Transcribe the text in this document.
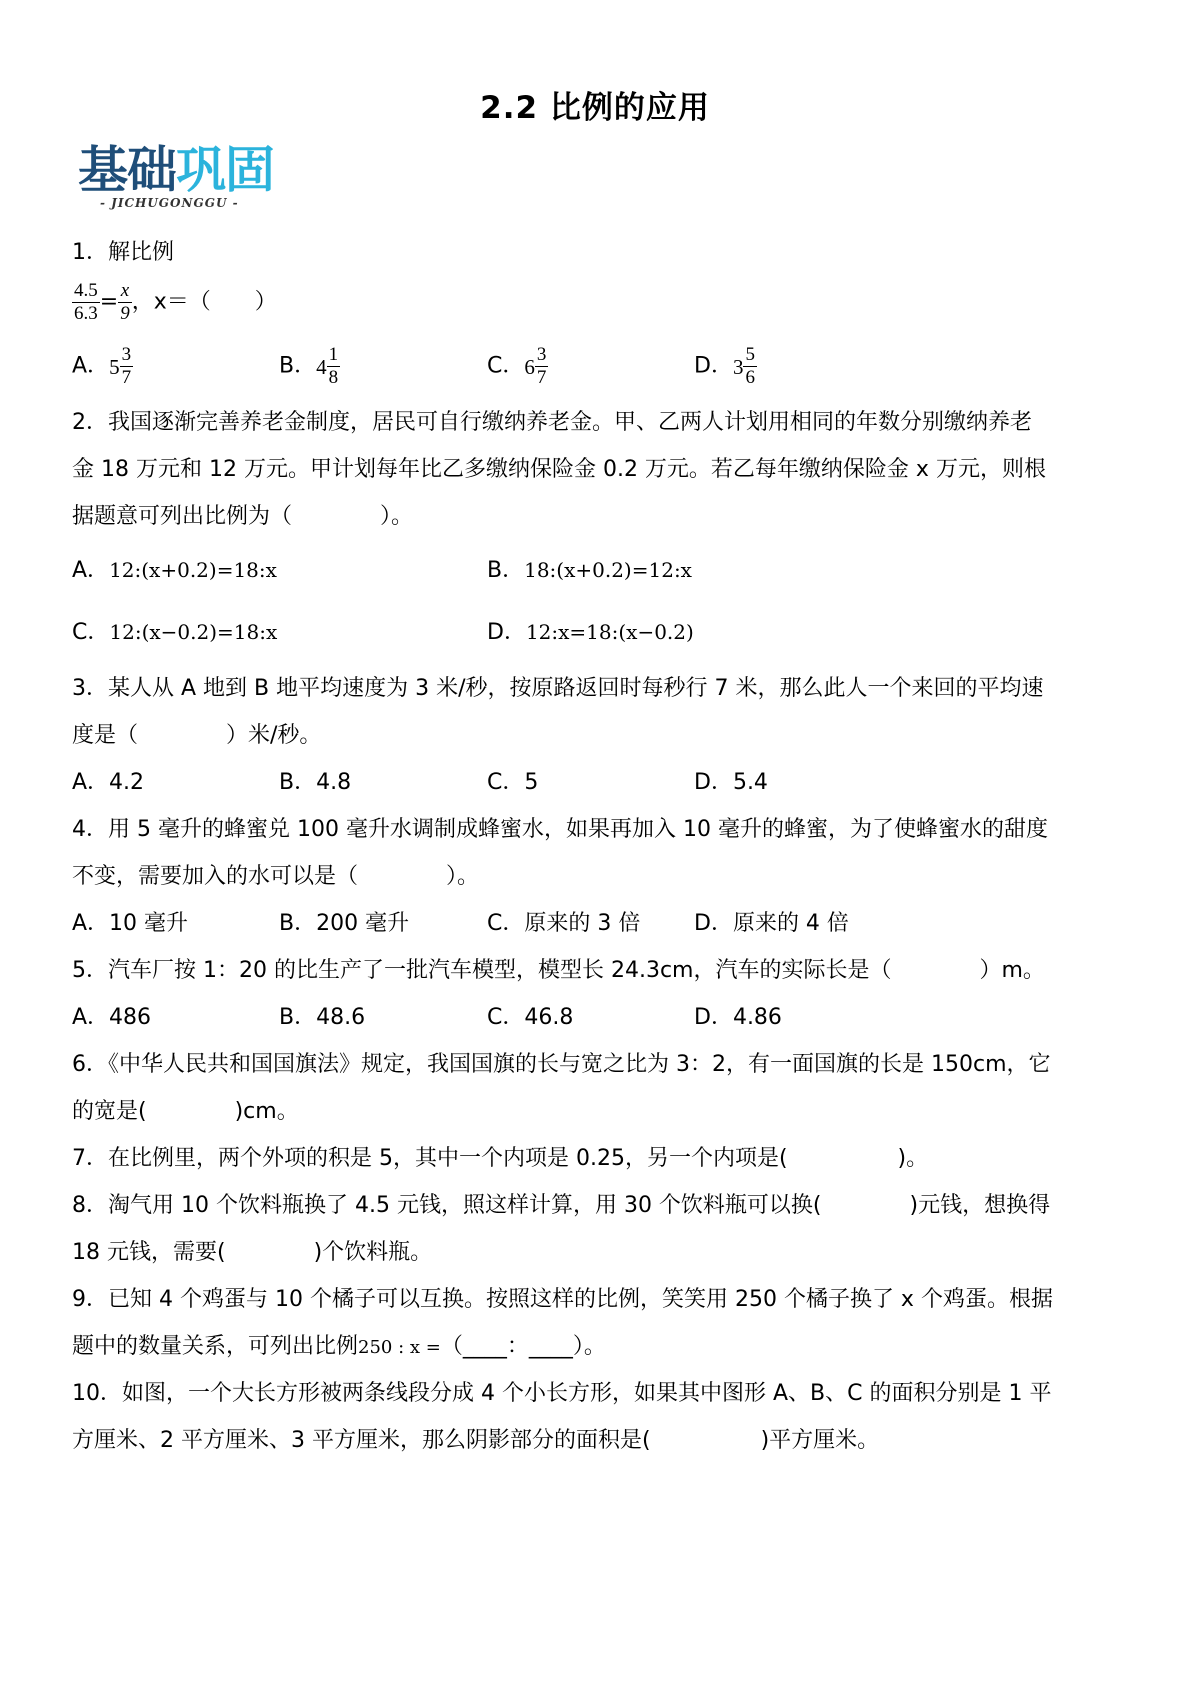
2.2 比例的应用
基础巩固
- JICHUGONGGU -
1．解比例
$\frac{4.5}{6.3} = \frac{x}{9}$ ，x＝（　　）
A．$5 \frac{3}{7}$	B．$4 \frac{1}{8}$	C．$6 \frac{3}{7}$	D．$3 \frac{5}{6}$
2．我国逐渐完善养老金制度，居民可自行缴纳养老金。甲、乙两人计划用相同的年数分别缴纳养老
金 18 万元和 12 万元。甲计划每年比乙多缴纳保险金 0.2 万元。若乙每年缴纳保险金 x 万元，则根
据题意可列出比例为（　　　　）。
A．12:(x+0.2)=18:x	B．18:(x+0.2)=12:x
C．12:(x−0.2)=18:x	D．12:x=18:(x−0.2)
3．某人从 A 地到 B 地平均速度为 3 米/秒，按原路返回时每秒行 7 米，那么此人一个来回的平均速
度是（　　　　）米/秒。
A．4.2	B．4.8	C．5	D．5.4
4．用 5 毫升的蜂蜜兑 100 毫升水调制成蜂蜜水，如果再加入 10 毫升的蜂蜜，为了使蜂蜜水的甜度
不变，需要加入的水可以是（　　　　）。
A．10 毫升	B．200 毫升	C．原来的 3 倍 D．原来的 4 倍
5．汽车厂按 1：20 的比生产了一批汽车模型，模型长 24.3cm，汽车的实际长是（　　　　）m。
A．486	B．48.6	C．46.8	D．4.86
6．《中华人民共和国国旗法》规定，我国国旗的长与宽之比为 3：2，有一面国旗的长是 150cm，它
的宽是(　　　　)cm。
7．在比例里，两个外项的积是 5，其中一个内项是 0.25，另一个内项是(　　　　　)。
8．淘气用 10 个饮料瓶换了 4.5 元钱，照这样计算，用 30 个饮料瓶可以换(　　　　)元钱，想换得
18 元钱，需要(　　　　)个饮料瓶。
9．已知 4 个鸡蛋与 10 个橘子可以互换。按照这样的比例，笑笑用 250 个橘子换了 x 个鸡蛋。根据
题中的数量关系，可列出比例250 : x =（____：____）。
10．如图，一个大长方形被两条线段分成 4 个小长方形，如果其中图形 A、B、C 的面积分别是 1 平
方厘米、2 平方厘米、3 平方厘米，那么阴影部分的面积是(　　　　　)平方厘米。
